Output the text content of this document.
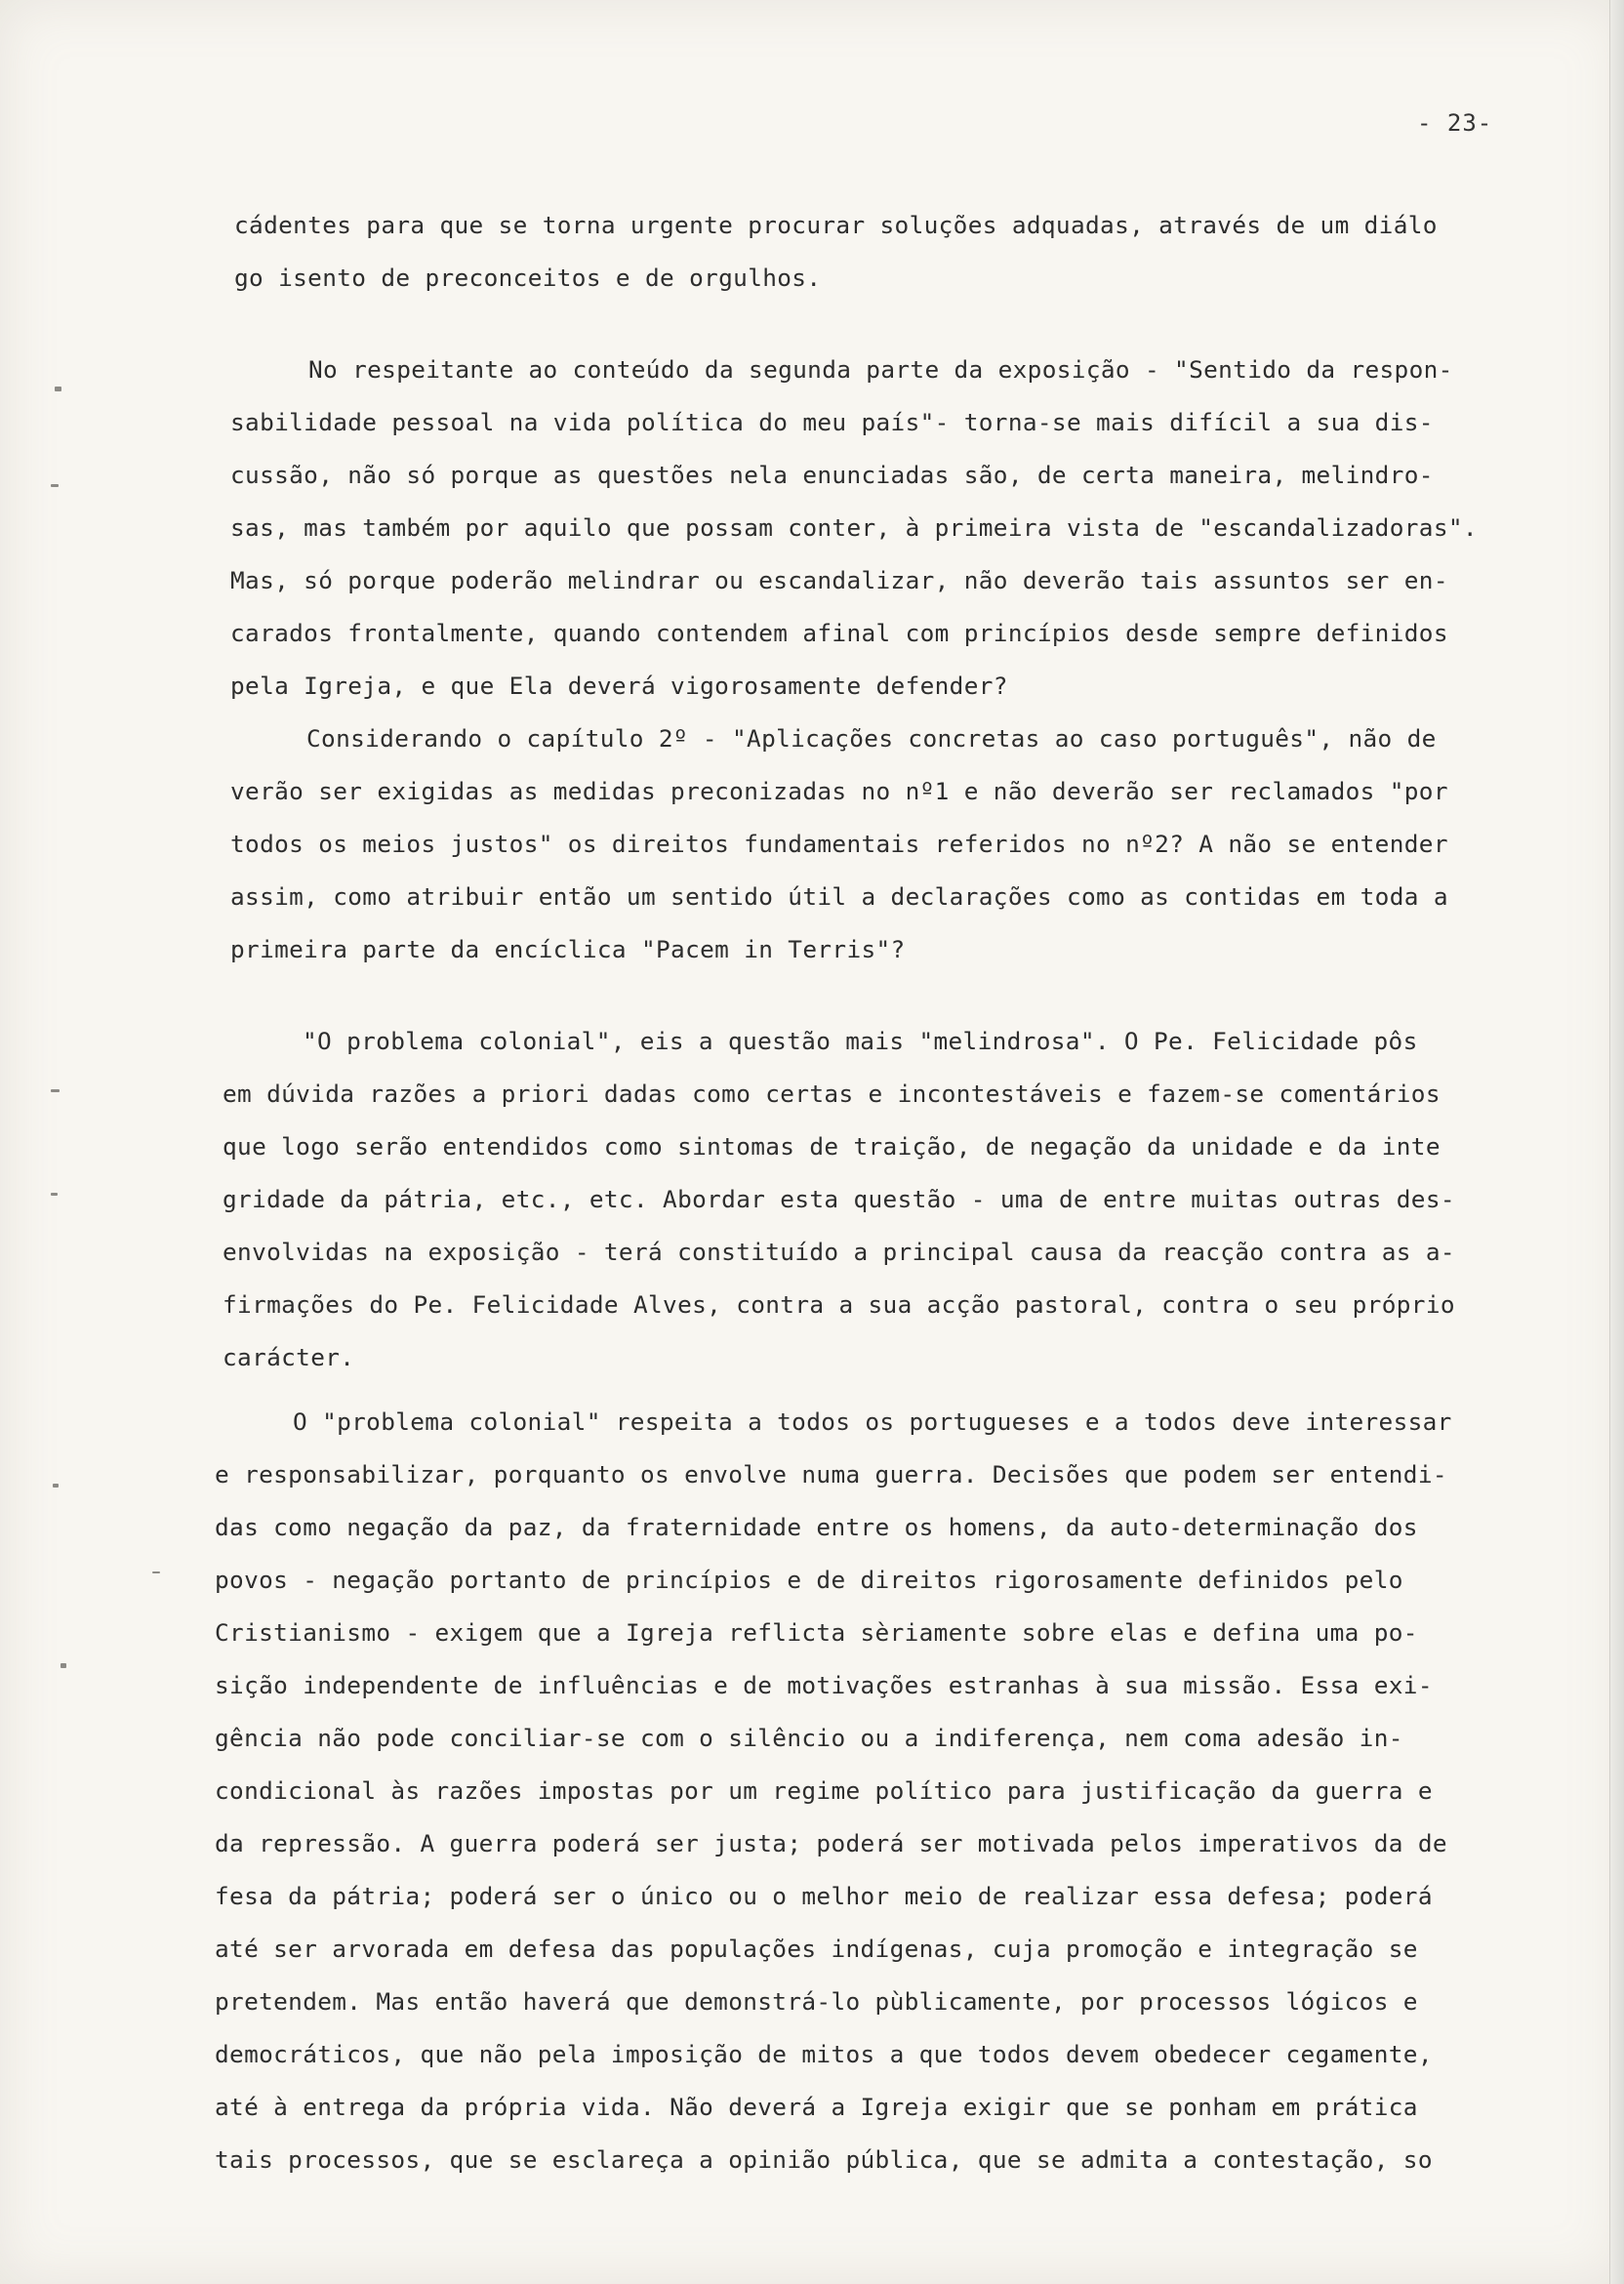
- 23-
cádentes para que se torna urgente procurar soluções adquadas, através de um diálo
go isento de preconceitos e de orgulhos.
No respeitante ao conteúdo da segunda parte da exposição - "Sentido da respon-
sabilidade pessoal na vida política do meu país"- torna-se mais difícil a sua dis-
cussão, não só porque as questões nela enunciadas são, de certa maneira, melindro-
sas, mas também por aquilo que possam conter, à primeira vista de "escandalizadoras".
Mas, só porque poderão melindrar ou escandalizar, não deverão tais assuntos ser en-
carados frontalmente, quando contendem afinal com princípios desde sempre definidos
pela Igreja, e que Ela deverá vigorosamente defender?
Considerando o capítulo 2º - "Aplicações concretas ao caso português", não de
verão ser exigidas as medidas preconizadas no nº1 e não deverão ser reclamados "por
todos os meios justos" os direitos fundamentais referidos no nº2? A não se entender
assim, como atribuir então um sentido útil a declarações como as contidas em toda a
primeira parte da encíclica "Pacem in Terris"?
"O problema colonial", eis a questão mais "melindrosa". O Pe. Felicidade pôs
em dúvida razões a priori dadas como certas e incontestáveis e fazem-se comentários
que logo serão entendidos como sintomas de traição, de negação da unidade e da inte
gridade da pátria, etc., etc. Abordar esta questão - uma de entre muitas outras des-
envolvidas na exposição - terá constituído a principal causa da reacção contra as a-
firmações do Pe. Felicidade Alves, contra a sua acção pastoral, contra o seu próprio
carácter.
O "problema colonial" respeita a todos os portugueses e a todos deve interessar
e responsabilizar, porquanto os envolve numa guerra. Decisões que podem ser entendi-
das como negação da paz, da fraternidade entre os homens, da auto-determinação dos
povos - negação portanto de princípios e de direitos rigorosamente definidos pelo
Cristianismo - exigem que a Igreja reflicta sèriamente sobre elas e defina uma po-
sição independente de influências e de motivações estranhas à sua missão. Essa exi-
gência não pode conciliar-se com o silêncio ou a indiferença, nem coma adesão in-
condicional às razões impostas por um regime político para justificação da guerra e
da repressão. A guerra poderá ser justa; poderá ser motivada pelos imperativos da de
fesa da pátria; poderá ser o único ou o melhor meio de realizar essa defesa; poderá
até ser arvorada em defesa das populações indígenas, cuja promoção e integração se
pretendem. Mas então haverá que demonstrá-lo pùblicamente, por processos lógicos e
democráticos, que não pela imposição de mitos a que todos devem obedecer cegamente,
até à entrega da própria vida. Não deverá a Igreja exigir que se ponham em prática
tais processos, que se esclareça a opinião pública, que se admita a contestação, so
